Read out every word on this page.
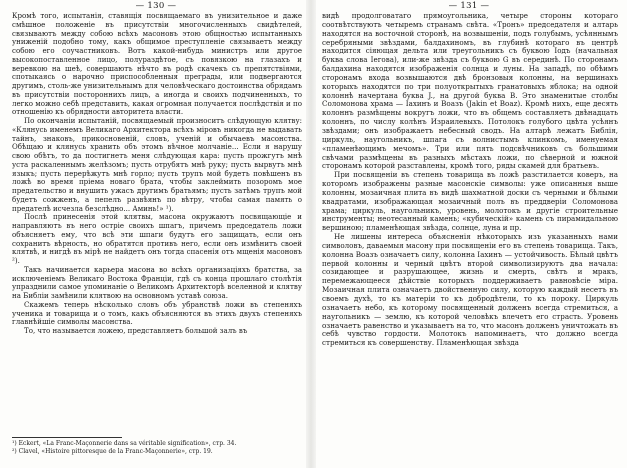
— 130 —

Кромѣ того, испытанія, ставящія посвящаемаго въ унизительное и даже смѣшное положеніе въ присутствіи многочисленныхъ свидѣтелей, связываютъ между собою всѣхъ масоновъ этою общностью испытанныхъ униженій подобно тому, какъ общимое преступленіе связываетъ между собою его соучастниковъ. Вотъ какой-нибудь министръ или другое высокопоставленное лицо, полураздѣтое, съ повязкою на глазахъ и веревкою на шеѣ, совершаютъ нѣчто въ родѣ скачекъ съ препятствіями, спотыкаясь о нарочно приспособленныя преграды, или подвергаются другимъ, столь-же унизительнымъ для человѣческаго достоинства обрядамъ въ присутствіи постороннихъ лицъ, а иногда и своихъ подчиненныхъ, то легко можно себѣ представить, какая огромная получается послѣдствія и по отношенію къ обрядности авторитета власти.

По окончаніи испытаній, посвящаемый произноситъ слѣдующую клятву: «Клянусь именемъ Великаго Архитектора всѣхъ міровъ никогда не выдавать тайнъ, знаковъ, прикосновеній, словъ, ученій и обычаевъ масонства. Обѣщаю и клянусь хранить объ этомъ вѣчное молчаніе... Если я нарушу свою обѣтъ, то да постигнетъ меня слѣдующая кара: пусть прожгутъ мнѣ уста раскаленнымъ желѣзомъ; пусть отрубятъ мнѣ руку; пусть вырвутъ мнѣ языкъ; пусть перерѣжутъ мнѣ горло; пусть трупъ мой будетъ повѣшенъ въ ложѣ во время пріема новаго брата, чтобы заклеймить позоромъ мое предательство и внушить ужасъ другимъ братьямъ; пусть затѣмъ трупъ мой будетъ сожженъ, а пепелъ развѣянъ по вѣтру, чтобы самая память о предателѣ исчезла безслѣдно... Аминь!» ¹).

Послѣ принесенія этой клятвы, масона окружаютъ посвящающіе и направляютъ въ него остріе своихъ шпагъ, причемъ председатель ложи объясняетъ ему, что всѣ эти шпаги будутъ его защищать, если онъ сохранитъ вѣрность, но обратятся противъ него, если онъ измѣнитъ своей клятвѣ, и нигдѣ въ мірѣ не найдетъ онъ тогда спасенія отъ мщенія масоновъ ²).

Такъ начинается карьера масона во всѣхъ организаціяхъ братства, за исключеніемъ Великаго Востока Франціи, гдѣ съ конца прошлаго столѣтія упразднили самое упоминаніе о Великомъ Архитекторѣ вселенной и клятву на Библіи замѣнили клятвою на основномъ уставѣ союза.

Скажемъ теперь нѣсколько словъ объ убранствѣ ложи въ степеняхъ ученика и товарища и о томъ, какъ объясняются въ этихъ двухъ степеняхъ главнѣйшіе символы масонства.

То, что называется ложею, представляетъ большой залъ въ

¹) Eckert, «La Franc-Maçonnerie dans sa véritable signification», стр. 34.
²) Clavel, «Histoire pittoresque de la Franc-Maçonnerie», стр. 19.
— 131 —

видѣ продолговатаго прямоугольника, четыре стороны котораго соотвѣтствуютъ четыремъ странамъ свѣта. «Тронъ» председателя и алтарь находятся на восточной сторонѣ, на возвышеніи, подъ голубымъ, усѣяннымъ серебряными звѣздами, балдахиномъ, въ глубинѣ котораго въ центрѣ находится сіяющая дельта или треугольникъ съ буквою Іодъ (начальная буква слова Іегова), или-же звѣзда съ буквою G въ серединѣ. По сторонамъ балдахина находятся изображенія солнца и луны. На западѣ, по обѣимъ сторонамъ входа возвышаются двѣ бронзовыя колонны, на вершинахъ которыхъ находятся по три полуоткрытыхъ гранатовыхъ яблока; на одной колоннѣ начертана буква J., на другой буква B. Это знаменитые столбы Соломонова храма — Іахинъ и Воазъ (Jakin et Boaz). Кромѣ нихъ, еще десять колоннъ размѣщены вокругъ ложи, что въ общемъ составляетъ двѣнадцать колоннъ, по числу колѣнъ Израилевыхъ. Потолокъ голубого цвѣта усѣянъ звѣздами; онъ изображаетъ небесный сводъ. На алтарѣ лежатъ Библія, циркуль, наугольникъ, шпага съ волнистымъ клинкомъ, именуемая «пламенѣющимъ мечомъ». Три или пять подсвѣчниковъ съ большими свѣчами размѣщены въ разныхъ мѣстахъ ложи, по сѣверной и южной сторонамъ которой разставлены, кромѣ того, ряды скамей для братьевъ.

При посвященіи въ степень товарища въ ложѣ разстилается коверъ, на которомъ изображены разные масонскіе символы: уже описанныя выше колонны, мозаичная плита въ видѣ шахматной доски съ черными и бѣлыми квадратами, изображающая мозаичный полъ въ преддверіи Соломонова храма; циркуль, наугольникъ, уровень, молотокъ и другіе строительные инструменты; неотесанный камень; «кубическій» камень съ пирамидальною вершиною; пламенѣющая звѣзда, солнце, луна и пр.

Не лишены интереса объясненія нѣкоторыхъ изъ указанныхъ нами символовъ, даваемыя масону при посвященіи его въ степень товарища. Такъ, колонна Воазъ означаетъ силу, колонна Іахинъ — устойчивость. Бѣлый цвѣтъ первой колонны и черный цвѣтъ второй символизируютъ два начала: созидающее и разрушающее, жизнь и смерть, свѣтъ и мракъ, перемежающееся дѣйствіе которыхъ поддерживаетъ равновѣсіе міра. Мозаичная плита означаетъ двойственную силу, которую каждый несетъ въ своемъ духѣ, то къ матеріи то къ добродѣтели, то къ пороку. Циркуль означаетъ небо, къ которому посвященный долженъ всегда стремиться, а наугольникъ — землю, къ которой человѣкъ влечетъ его страсть. Уровень означаетъ равенство и указываетъ на то, что масонъ долженъ уничтожать въ себѣ чувство гордости. Молотокъ напоминаетъ, что должно всегда стремиться къ совершенству. Пламенѣющая звѣзда
